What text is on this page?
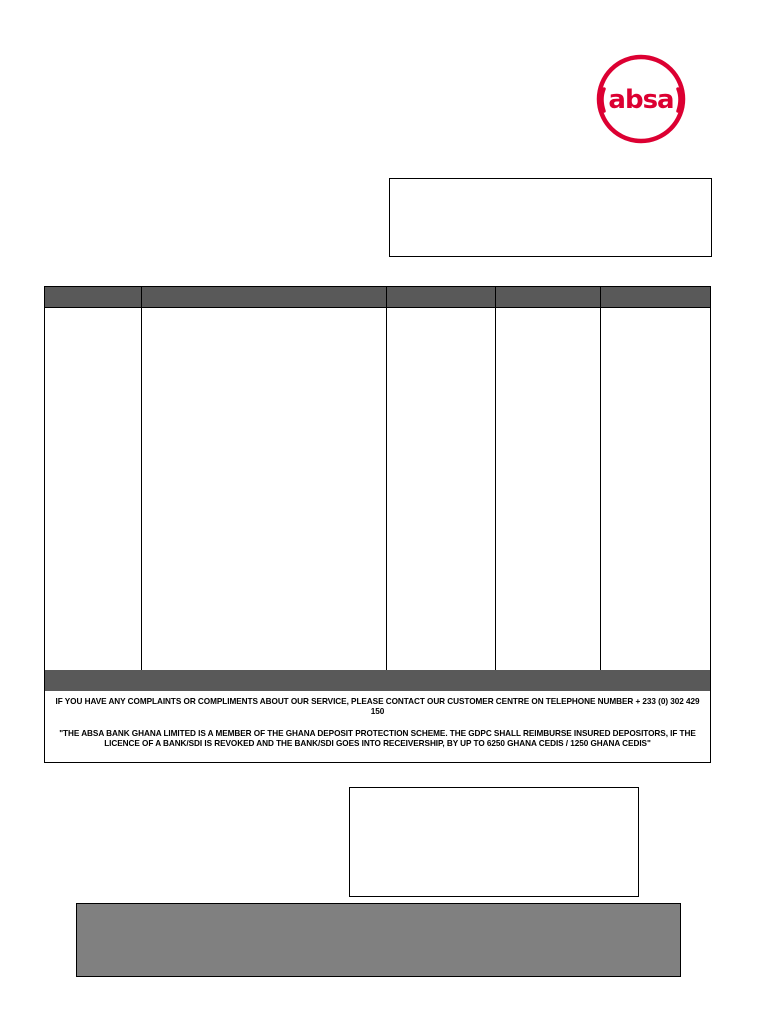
absa

IF YOU HAVE ANY COMPLAINTS OR COMPLIMENTS ABOUT OUR SERVICE, PLEASE CONTACT OUR CUSTOMER CENTRE ON TELEPHONE NUMBER + 233 (0) 302 429 150

"THE ABSA BANK GHANA LIMITED IS A MEMBER OF THE GHANA DEPOSIT PROTECTION SCHEME. THE GDPC SHALL REIMBURSE INSURED DEPOSITORS, IF THE LICENCE OF A BANK/SDI IS REVOKED AND THE BANK/SDI GOES INTO RECEIVERSHIP, BY UP TO 6250 GHANA CEDIS / 1250 GHANA CEDIS"
